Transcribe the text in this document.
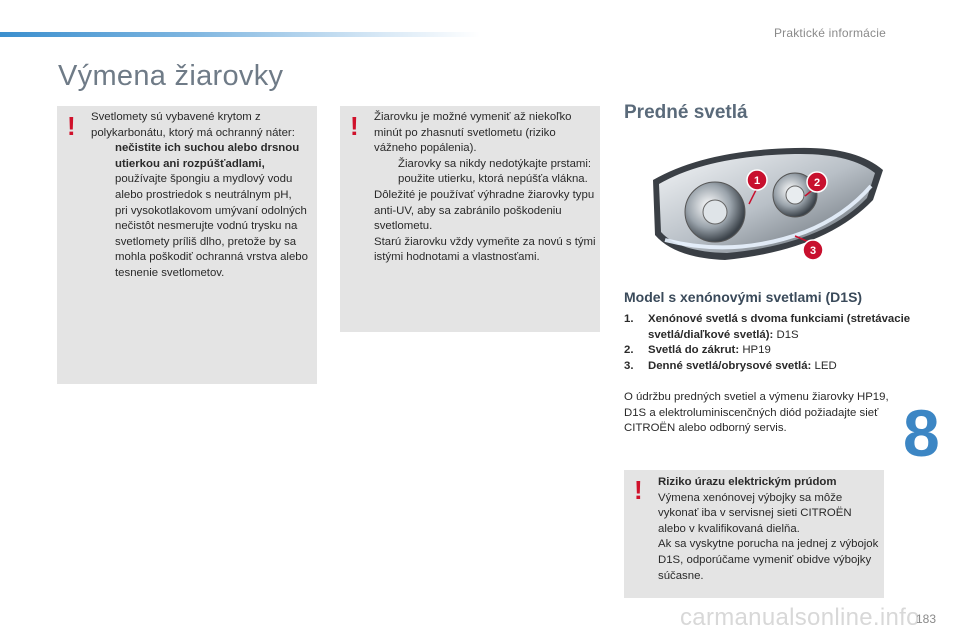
Praktické informácie
Výmena žiarovky
! Svetlomety sú vybavené krytom z polykarbonátu, ktorý má ochranný náter:

nečistite ich suchou alebo drsnou utierkou ani rozpúšťadlami,
používajte špongiu a mydlový vodu alebo prostriedok s neutrálnym pH,
pri vysokotlakovom umývaní odolných nečistôt nesmerujte vodnú trysku na svetlomety príliš dlho, pretože by sa mohla poškodiť ochranná vrstva alebo tesnenie svetlometov.
! Žiarovku je možné vymeniť až niekoľko minút po zhasnutí svetlometu (riziko vážneho popálenia).

Žiarovky sa nikdy nedotýkajte prstami: použite utierku, ktorá nepúšťa vlákna.

Dôležité je používať výhradne žiarovky typu anti-UV, aby sa zabránilo poškodeniu svetlometu.

Starú žiarovku vždy vymeňte za novú s tými istými hodnotami a vlastnosťami.

Predné svetlá
1	2
3
Model s xenónovými svetlami (D1S)
1. Xenónové svetlá s dvoma funkciami (stretávacie svetlá/diaľkové svetlá): D1S
2. Svetlá do zákrut: HP19
3. Denné svetlá/obrysové svetlá: LED

O údržbu predných svetiel a výmenu žiarovky HP19, D1S a elektroluminiscenčných diód požiadajte sieť CITROËN alebo odborný servis.	8
! Riziko úrazu elektrickým prúdom

Výmena xenónovej výbojky sa môže vykonať iba v servisnej sieti CITROËN alebo v kvalifikovaná dielňa.

Ak sa vyskytne porucha na jednej z výbojok D1S, odporúčame vymeniť obidve výbojky súčasne.

carmanualsonline.info
183
